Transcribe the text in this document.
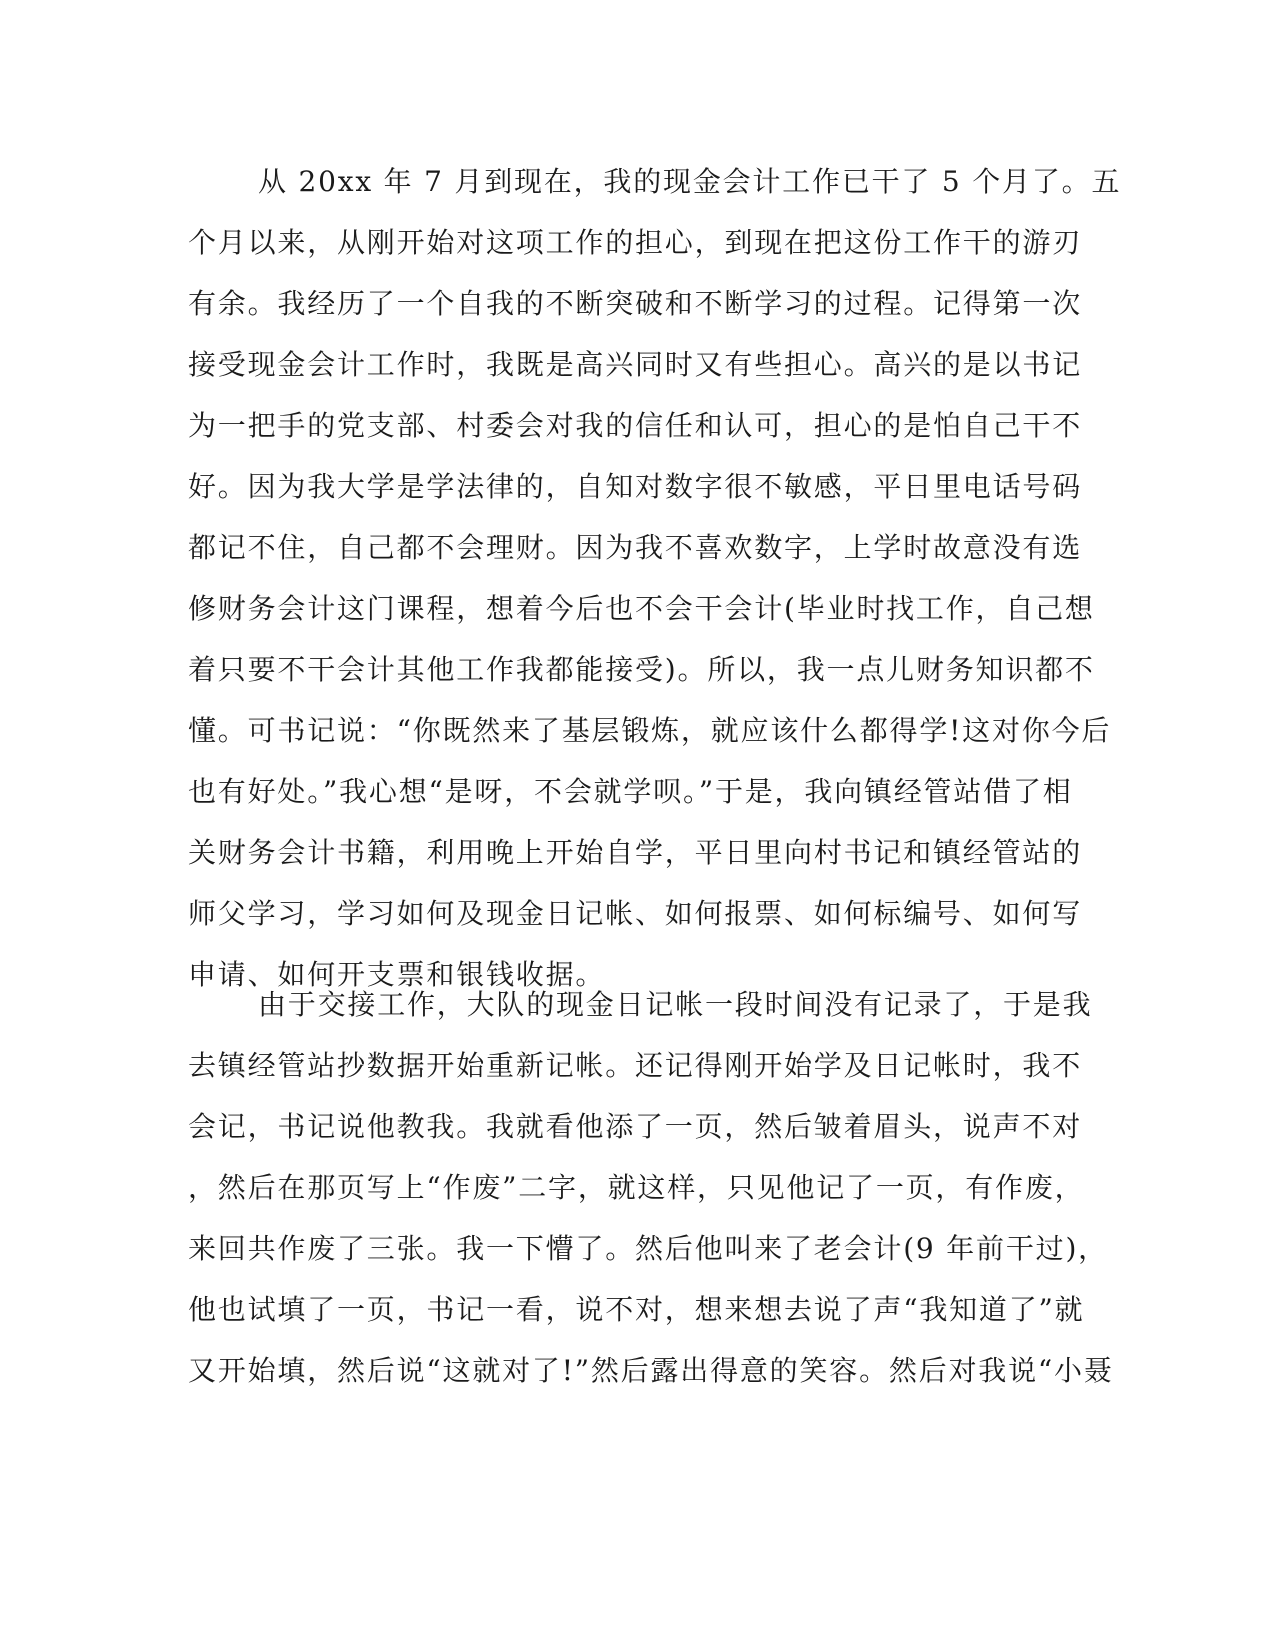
从 20xx 年 7 月到现在，我的现金会计工作已干了 5 个月了。五
个月以来，从刚开始对这项工作的担心，到现在把这份工作干的游刃
有余。我经历了一个自我的不断突破和不断学习的过程。记得第一次
接受现金会计工作时，我既是高兴同时又有些担心。高兴的是以书记
为一把手的党支部、村委会对我的信任和认可，担心的是怕自己干不
好。因为我大学是学法律的，自知对数字很不敏感，平日里电话号码
都记不住，自己都不会理财。因为我不喜欢数字，上学时故意没有选
修财务会计这门课程，想着今后也不会干会计(毕业时找工作，自己想
着只要不干会计其他工作我都能接受)。所以，我一点儿财务知识都不
懂。可书记说：“你既然来了基层锻炼，就应该什么都得学!这对你今后
也有好处。”我心想“是呀，不会就学呗。”于是，我向镇经管站借了相
关财务会计书籍，利用晚上开始自学，平日里向村书记和镇经管站的
师父学习，学习如何及现金日记帐、如何报票、如何标编号、如何写
申请、如何开支票和银钱收据。
由于交接工作，大队的现金日记帐一段时间没有记录了，于是我
去镇经管站抄数据开始重新记帐。还记得刚开始学及日记帐时，我不
会记，书记说他教我。我就看他添了一页，然后皱着眉头，说声不对
，然后在那页写上“作废”二字，就这样，只见他记了一页，有作废，
来回共作废了三张。我一下懵了。然后他叫来了老会计(9 年前干过)，
他也试填了一页，书记一看，说不对，想来想去说了声“我知道了”就
又开始填，然后说“这就对了!”然后露出得意的笑容。然后对我说“小聂
